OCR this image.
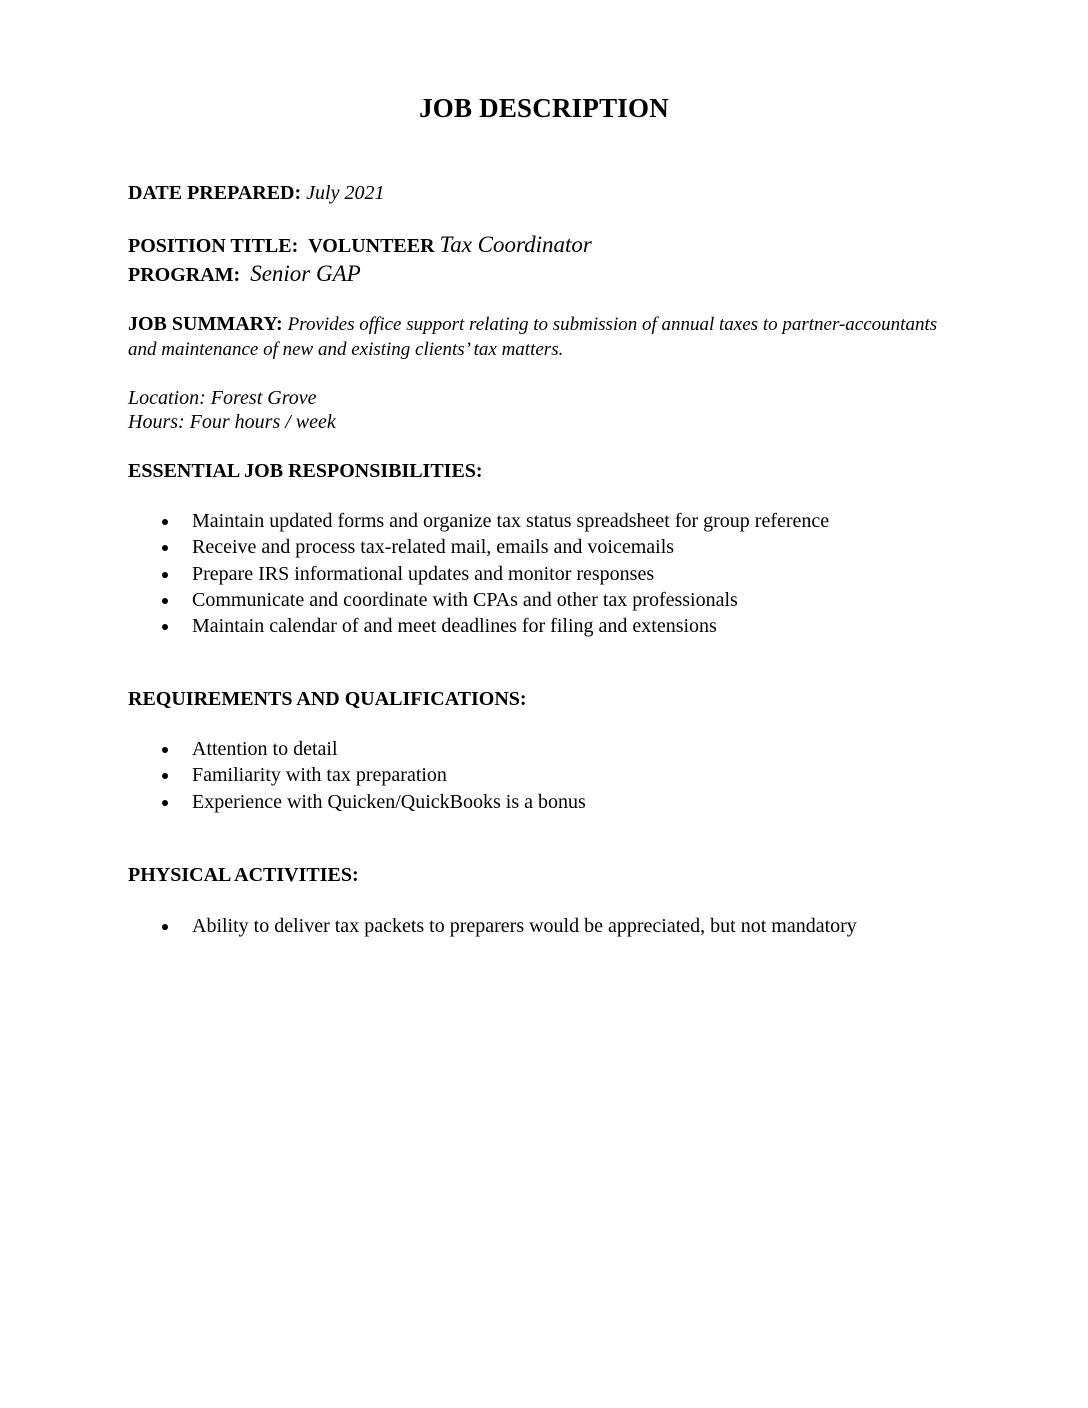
JOB DESCRIPTION
DATE PREPARED: July 2021
POSITION TITLE: VOLUNTEER Tax Coordinator
PROGRAM: Senior GAP
JOB SUMMARY: Provides office support relating to submission of annual taxes to partner-accountants and maintenance of new and existing clients’ tax matters.
Location: Forest Grove
Hours: Four hours / week
ESSENTIAL JOB RESPONSIBILITIES:
Maintain updated forms and organize tax status spreadsheet for group reference
Receive and process tax-related mail, emails and voicemails
Prepare IRS informational updates and monitor responses
Communicate and coordinate with CPAs and other tax professionals
Maintain calendar of and meet deadlines for filing and extensions
REQUIREMENTS AND QUALIFICATIONS:
Attention to detail
Familiarity with tax preparation
Experience with Quicken/QuickBooks is a bonus
PHYSICAL ACTIVITIES:
Ability to deliver tax packets to preparers would be appreciated, but not mandatory
